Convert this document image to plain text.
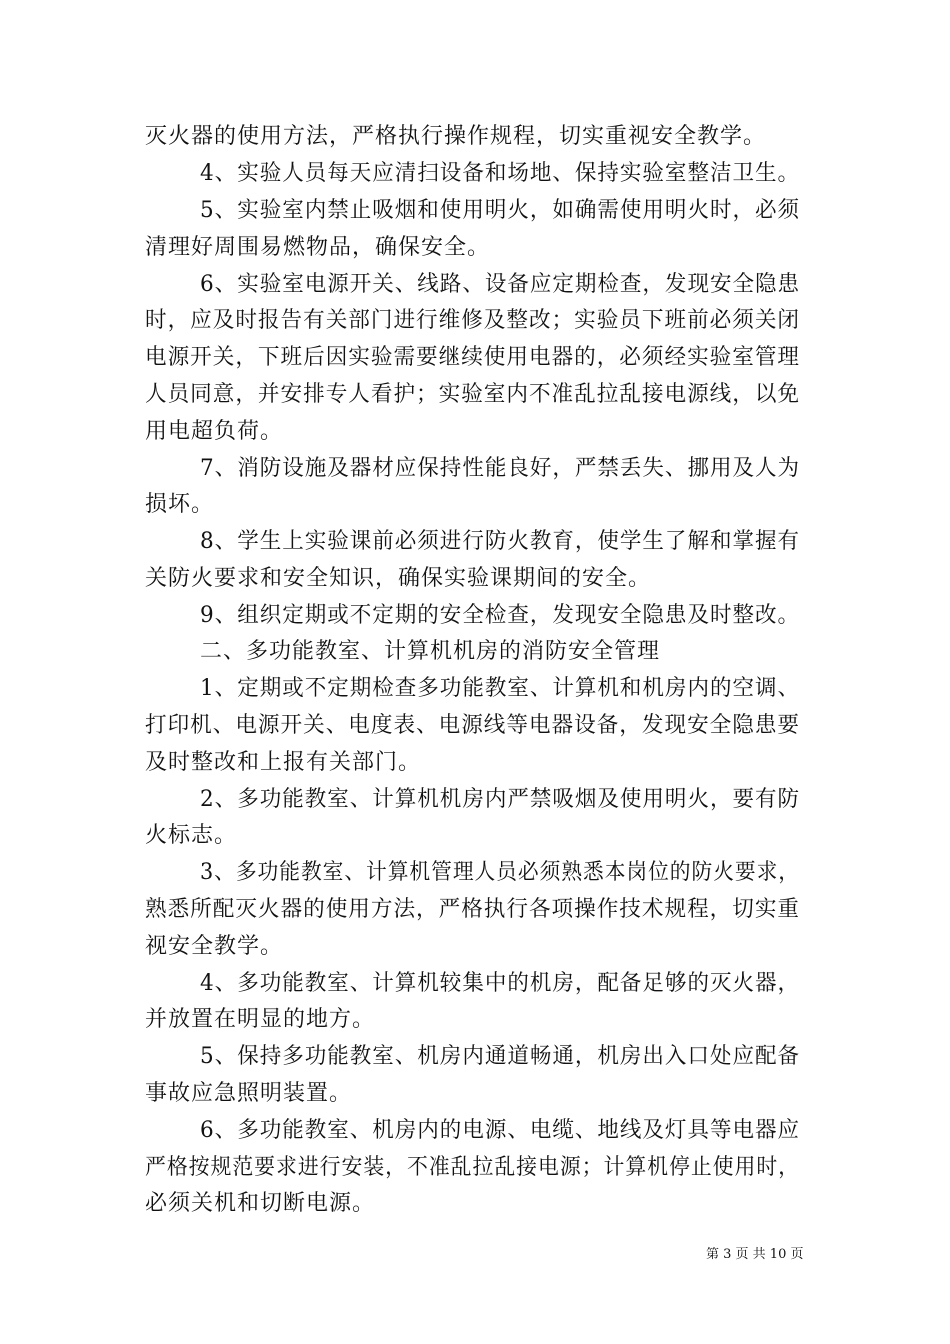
灭火器的使用方法，严格执行操作规程，切实重视安全教学。
4、实验人员每天应清扫设备和场地、保持实验室整洁卫生。
5、实验室内禁止吸烟和使用明火，如确需使用明火时，必须
清理好周围易燃物品，确保安全。
6、实验室电源开关、线路、设备应定期检查，发现安全隐患
时，应及时报告有关部门进行维修及整改；实验员下班前必须关闭
电源开关，下班后因实验需要继续使用电器的，必须经实验室管理
人员同意，并安排专人看护；实验室内不准乱拉乱接电源线，以免
用电超负荷。
7、消防设施及器材应保持性能良好，严禁丢失、挪用及人为
损坏。
8、学生上实验课前必须进行防火教育，使学生了解和掌握有
关防火要求和安全知识，确保实验课期间的安全。
9、组织定期或不定期的安全检查，发现安全隐患及时整改。
二、多功能教室、计算机机房的消防安全管理
1、定期或不定期检查多功能教室、计算机和机房内的空调、
打印机、电源开关、电度表、电源线等电器设备，发现安全隐患要
及时整改和上报有关部门。
2、多功能教室、计算机机房内严禁吸烟及使用明火，要有防
火标志。
3、多功能教室、计算机管理人员必须熟悉本岗位的防火要求，
熟悉所配灭火器的使用方法，严格执行各项操作技术规程，切实重
视安全教学。
4、多功能教室、计算机较集中的机房，配备足够的灭火器，
并放置在明显的地方。
5、保持多功能教室、机房内通道畅通，机房出入口处应配备
事故应急照明装置。
6、多功能教室、机房内的电源、电缆、地线及灯具等电器应
严格按规范要求进行安装，不准乱拉乱接电源；计算机停止使用时，
必须关机和切断电源。
第 3 页 共 10 页
